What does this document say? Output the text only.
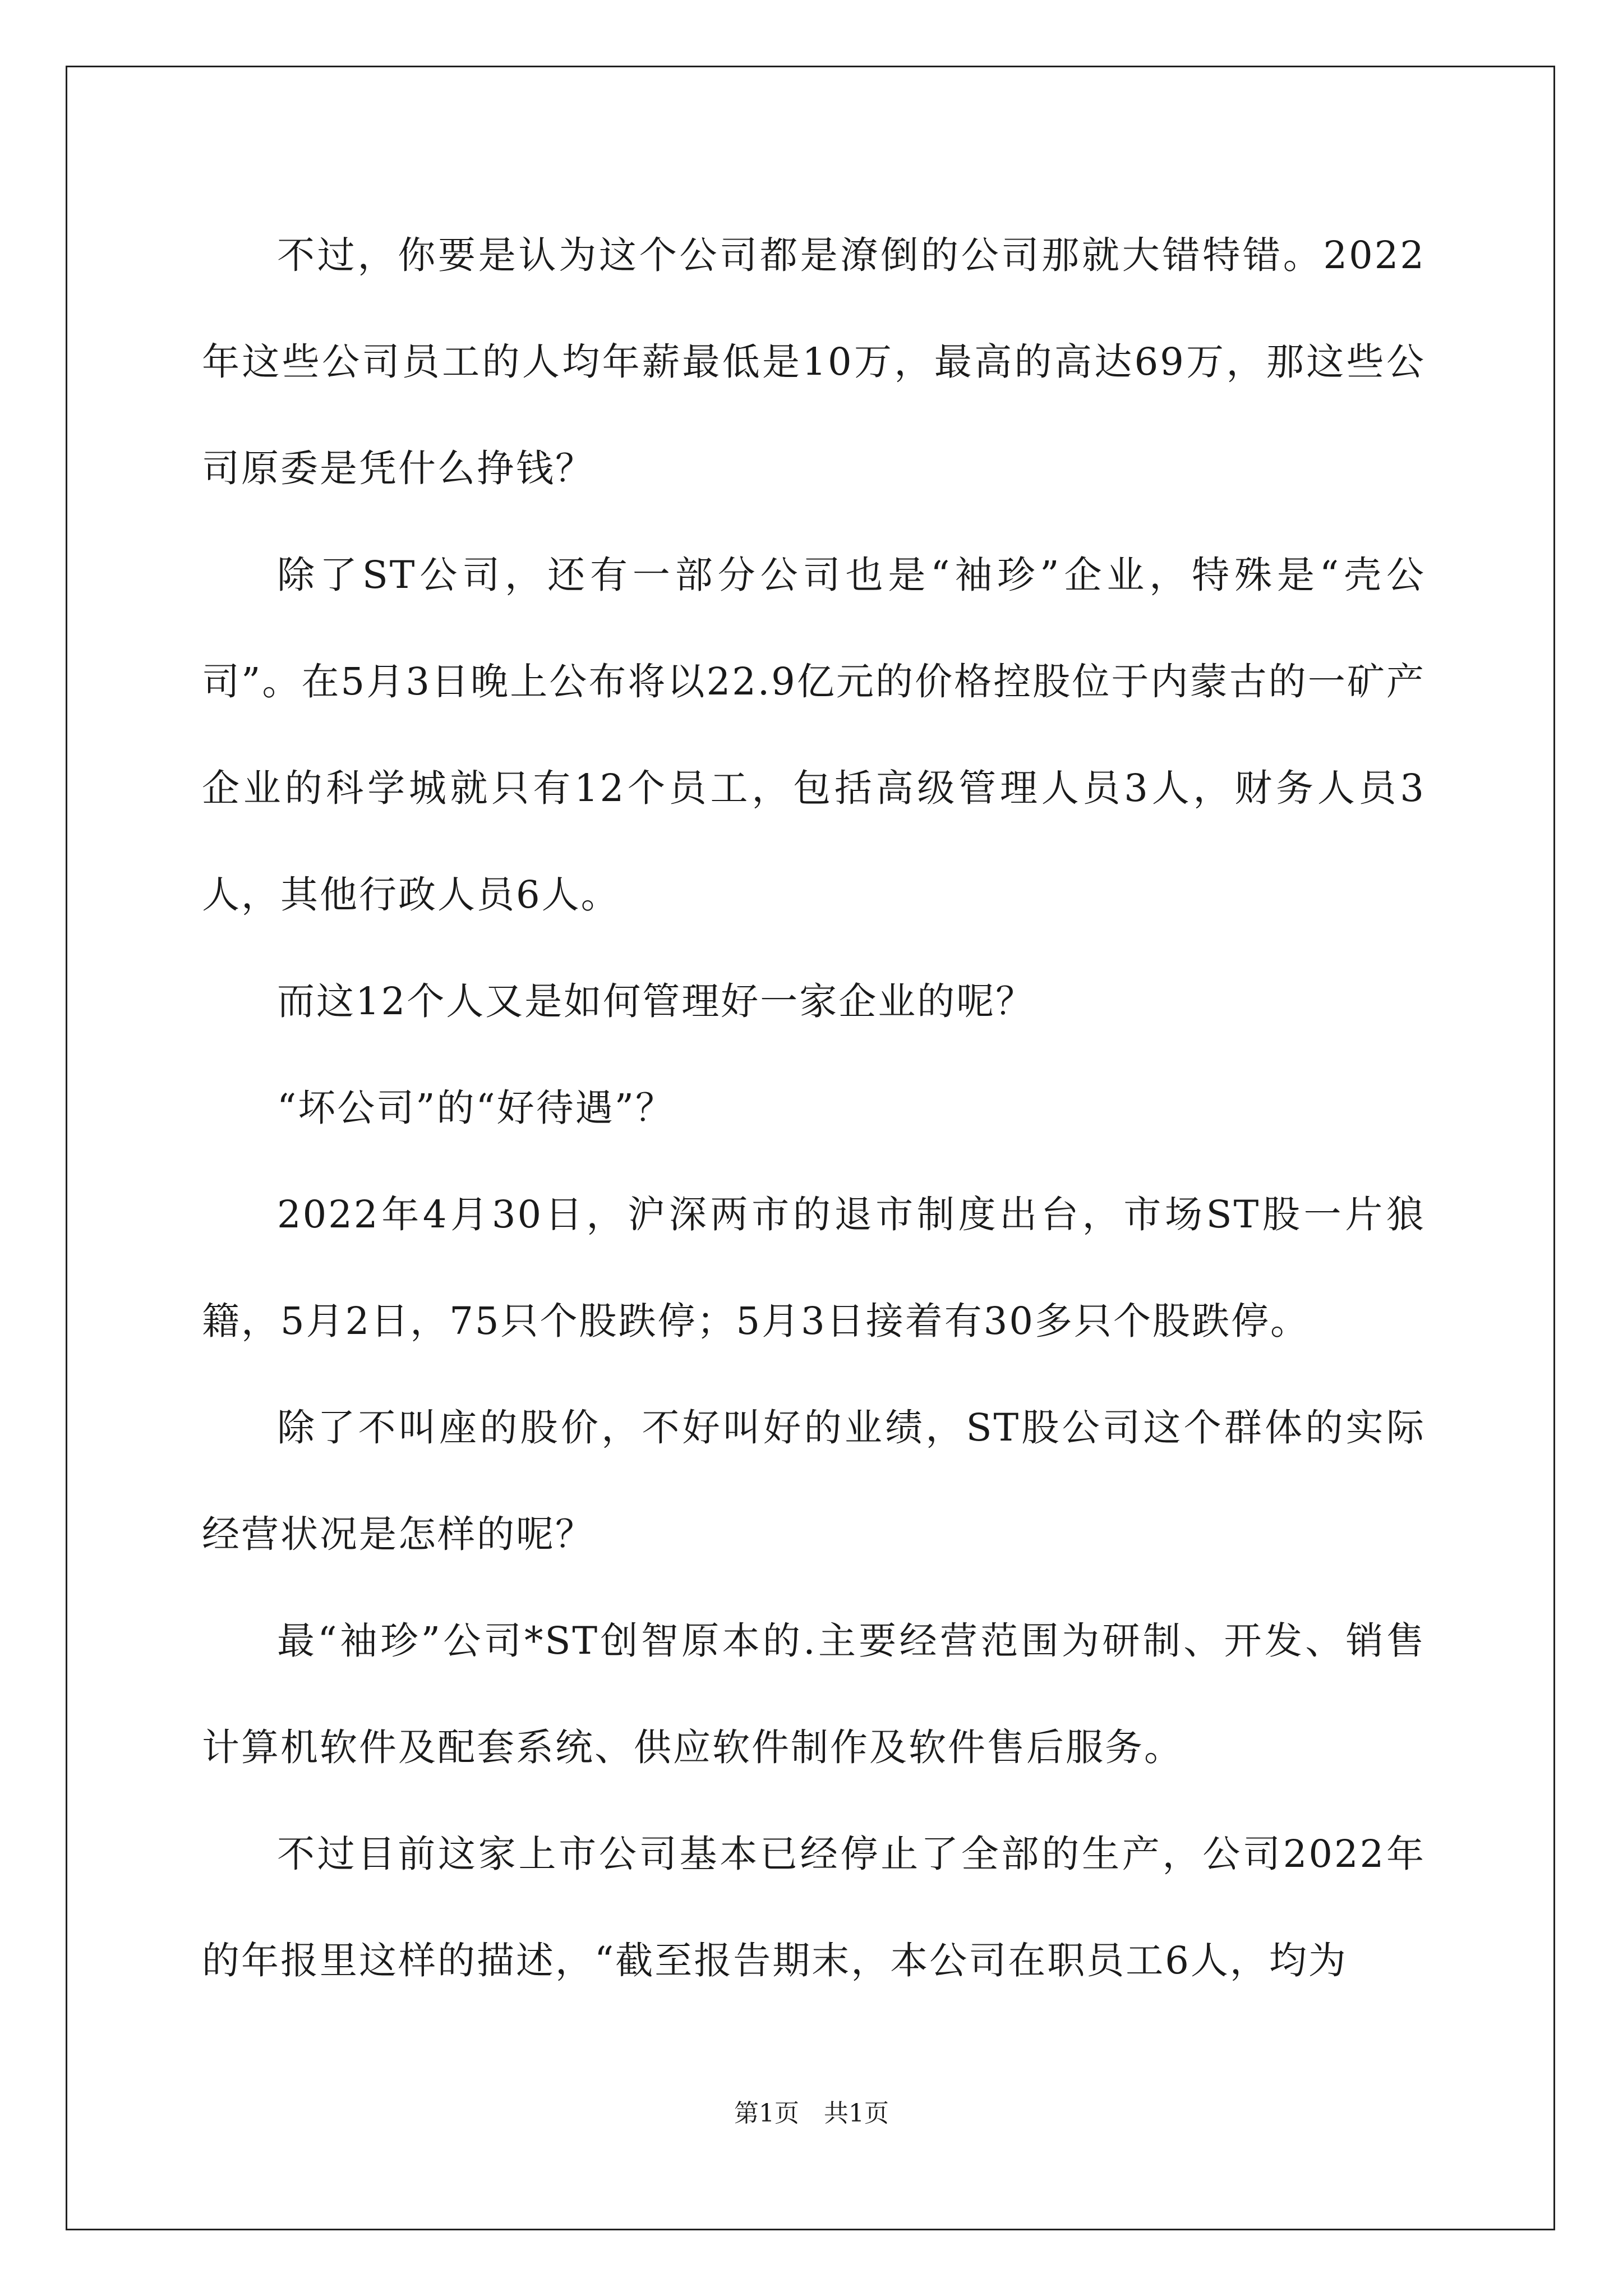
不过，你要是认为这个公司都是潦倒的公司那就大错特错。2022年这些公司员工的人均年薪最低是10万，最高的高达69万，那这些公司原委是凭什么挣钱？

除了ST公司，还有一部分公司也是“袖珍”企业，特殊是“壳公司”。在5月3日晚上公布将以22.9亿元的价格控股位于内蒙古的一矿产企业的科学城就只有12个员工，包括高级管理人员3人，财务人员3人，其他行政人员6人。

而这12个人又是如何管理好一家企业的呢？

“坏公司”的“好待遇”？

2022年4月30日，沪深两市的退市制度出台，市场ST股一片狼籍，5月2日，75只个股跌停；5月3日接着有30多只个股跌停。

除了不叫座的股价，不好叫好的业绩，ST股公司这个群体的实际经营状况是怎样的呢？

最“袖珍”公司*ST创智原本的.主要经营范围为研制、开发、销售计算机软件及配套系统、供应软件制作及软件售后服务。

不过目前这家上市公司基本已经停止了全部的生产，公司2022年的年报里这样的描述，“截至报告期末，本公司在职员工6人，均为

第1页　共1页
